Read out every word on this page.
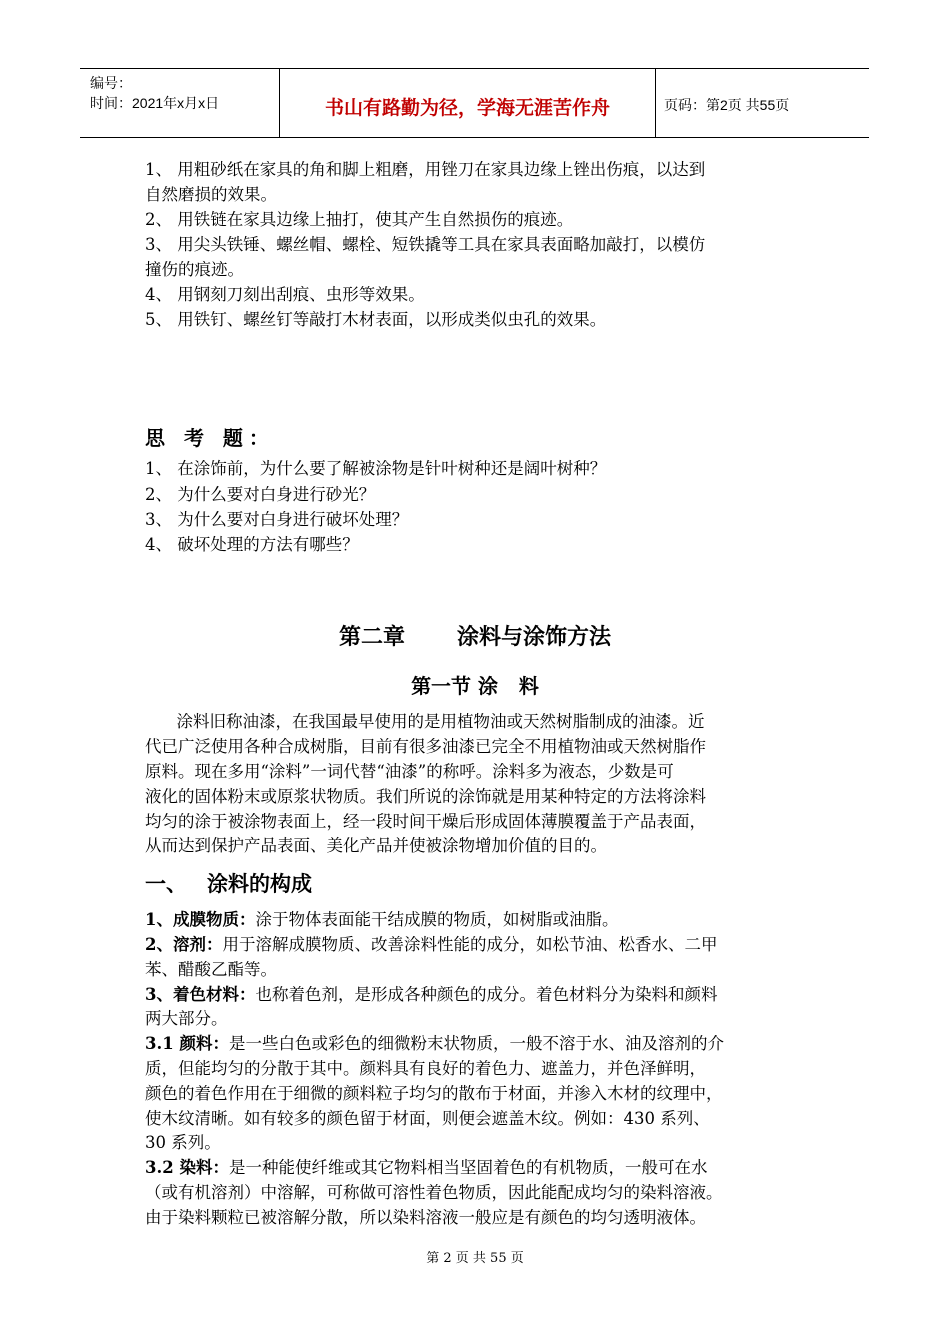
编号：
时间：2021年x月x日	书山有路勤为径，学海无涯苦作舟	页码：第2页 共55页
1、 用粗砂纸在家具的角和脚上粗磨，用锉刀在家具边缘上锉出伤痕，以达到
自然磨损的效果。
2、 用铁链在家具边缘上抽打，使其产生自然损伤的痕迹。
3、 用尖头铁锤、螺丝帽、螺栓、短铁撬等工具在家具表面略加敲打，以模仿
撞伤的痕迹。
4、 用钢刻刀刻出刮痕、虫形等效果。
5、 用铁钉、螺丝钉等敲打木材表面，以形成类似虫孔的效果。
思 考 题：
1、 在涂饰前，为什么要了解被涂物是针叶树种还是阔叶树种？
2、 为什么要对白身进行砂光？
3、 为什么要对白身进行破坏处理？
4、 破坏处理的方法有哪些？
第二章 涂料与涂饰方法
第一节 涂   料
涂料旧称油漆，在我国最早使用的是用植物油或天然树脂制成的油漆。近
代已广泛使用各种合成树脂，目前有很多油漆已完全不用植物油或天然树脂作
原料。现在多用“涂料”一词代替“油漆”的称呼。涂料多为液态，少数是可
液化的固体粉末或原浆状物质。我们所说的涂饰就是用某种特定的方法将涂料
均匀的涂于被涂物表面上，经一段时间干燥后形成固体薄膜覆盖于产品表面，
从而达到保护产品表面、美化产品并使被涂物增加价值的目的。
一、 涂料的构成
1、成膜物质：涂于物体表面能干结成膜的物质，如树脂或油脂。
2、溶剂：用于溶解成膜物质、改善涂料性能的成分，如松节油、松香水、二甲
苯、醋酸乙酯等。
3、着色材料：也称着色剂，是形成各种颜色的成分。着色材料分为染料和颜料
两大部分。
3.1 颜料：是一些白色或彩色的细微粉末状物质，一般不溶于水、油及溶剂的介
质，但能均匀的分散于其中。颜料具有良好的着色力、遮盖力，并色泽鲜明，
颜色的着色作用在于细微的颜料粒子均匀的散布于材面，并渗入木材的纹理中，
使木纹清晰。如有较多的颜色留于材面，则便会遮盖木纹。例如：430 系列、
30 系列。
3.2 染料：是一种能使纤维或其它物料相当坚固着色的有机物质，一般可在水
（或有机溶剂）中溶解，可称做可溶性着色物质，因此能配成均匀的染料溶液。
由于染料颗粒已被溶解分散，所以染料溶液一般应是有颜色的均匀透明液体。
第 2 页 共 55 页
